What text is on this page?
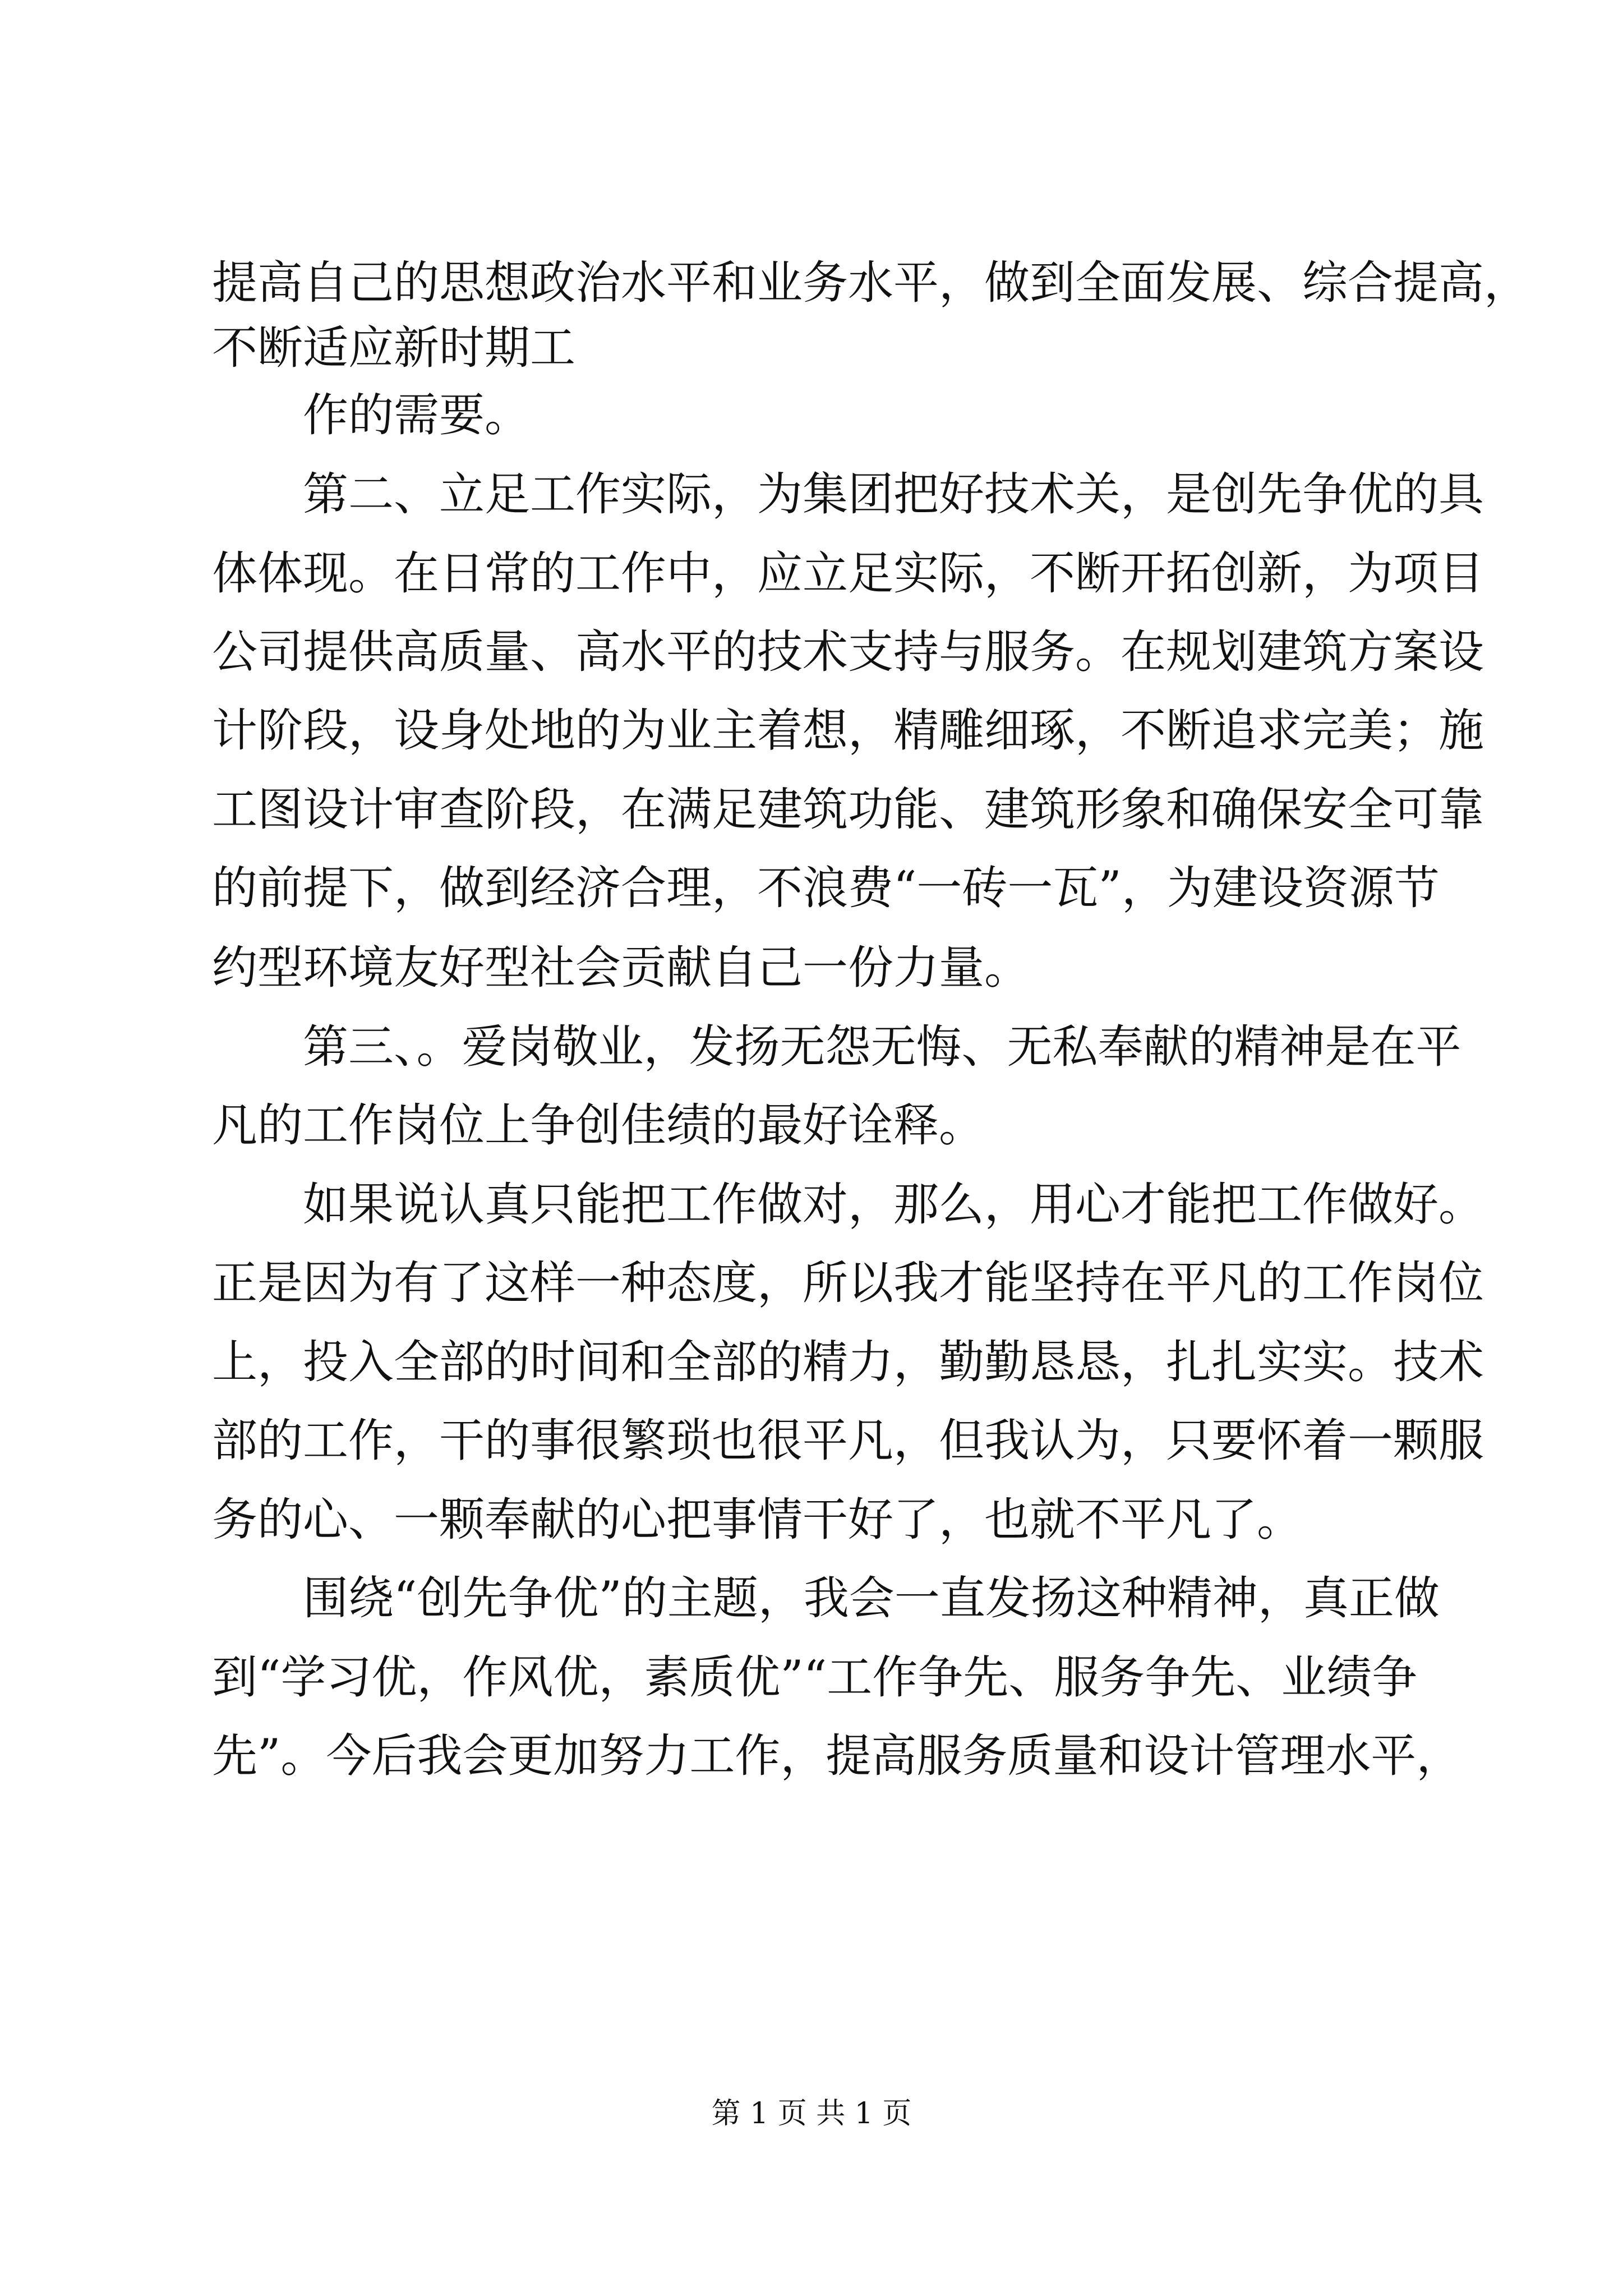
提高自己的思想政治水平和业务水平，做到全面发展、综合提高，
不断适应新时期工
作的需要。
第二、立足工作实际，为集团把好技术关，是创先争优的具
体体现。在日常的工作中，应立足实际，不断开拓创新，为项目
公司提供高质量、高水平的技术支持与服务。在规划建筑方案设
计阶段，设身处地的为业主着想，精雕细琢，不断追求完美；施
工图设计审查阶段，在满足建筑功能、建筑形象和确保安全可靠
的前提下，做到经济合理，不浪费“一砖一瓦”，为建设资源节
约型环境友好型社会贡献自己一份力量。
第三、。爱岗敬业，发扬无怨无悔、无私奉献的精神是在平
凡的工作岗位上争创佳绩的最好诠释。
如果说认真只能把工作做对，那么，用心才能把工作做好。
正是因为有了这样一种态度，所以我才能坚持在平凡的工作岗位
上，投入全部的时间和全部的精力，勤勤恳恳，扎扎实实。技术
部的工作，干的事很繁琐也很平凡，但我认为，只要怀着一颗服
务的心、一颗奉献的心把事情干好了，也就不平凡了。
围绕“创先争优”的主题，我会一直发扬这种精神，真正做
到“学习优，作风优，素质优”“工作争先、服务争先、业绩争
先”。今后我会更加努力工作，提高服务质量和设计管理水平，
第 1 页 共 1 页
